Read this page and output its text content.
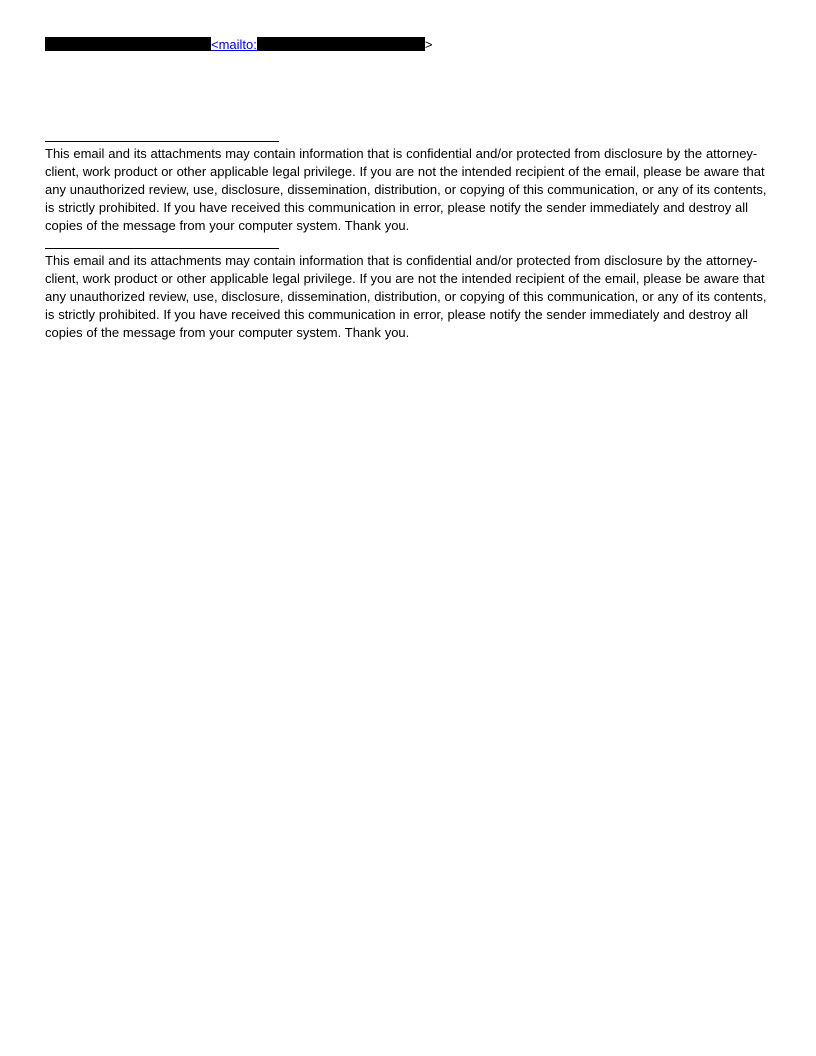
<mailto:	>

This email and its attachments may contain information that is confidential and/or protected from disclosure by the attorney-client, work product or other applicable legal privilege. If you are not the intended recipient of the email, please be aware that any unauthorized review, use, disclosure, dissemination, distribution, or copying of this communication, or any of its contents, is strictly prohibited. If you have received this communication in error, please notify the sender immediately and destroy all copies of the message from your computer system. Thank you.

This email and its attachments may contain information that is confidential and/or protected from disclosure by the attorney-client, work product or other applicable legal privilege. If you are not the intended recipient of the email, please be aware that any unauthorized review, use, disclosure, dissemination, distribution, or copying of this communication, or any of its contents, is strictly prohibited. If you have received this communication in error, please notify the sender immediately and destroy all copies of the message from your computer system. Thank you.
